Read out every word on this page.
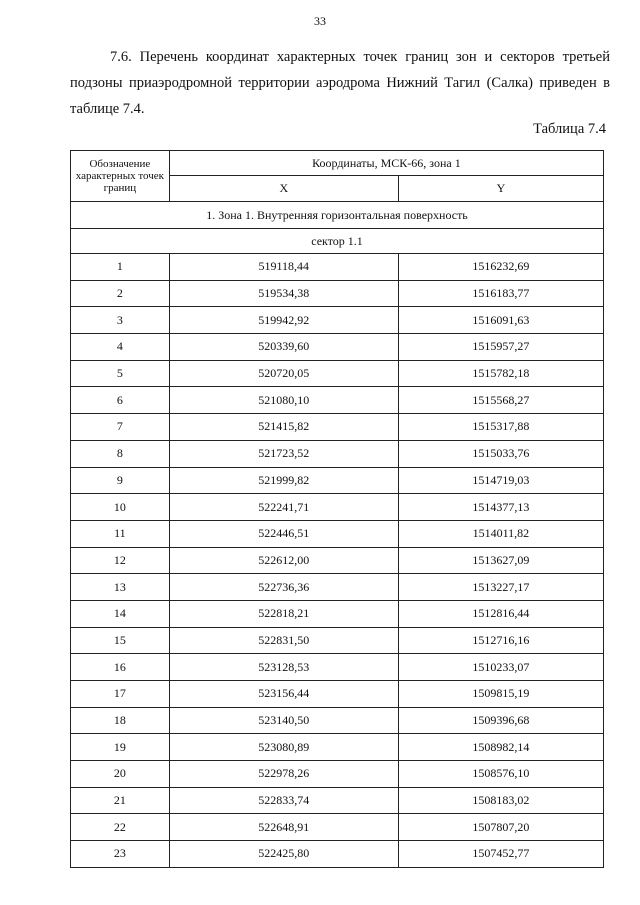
33

7.6. Перечень координат характерных точек границ зон и секторов третьей подзоны приаэродромной территории аэродрома Нижний Тагил (Салка) приведен в таблице 7.4.

Таблица 7.4
Обозначение характерных точек границ	Координаты, МСК-66, зона 1	
	X	Y
1. Зона 1. Внутренняя горизонтальная поверхность		
сектор 1.1		
1	519118,44	1516232,69
2	519534,38	1516183,77
3	519942,92	1516091,63
4	520339,60	1515957,27
5	520720,05	1515782,18
6	521080,10	1515568,27
7	521415,82	1515317,88
8	521723,52	1515033,76
9	521999,82	1514719,03
10	522241,71	1514377,13
11	522446,51	1514011,82
12	522612,00	1513627,09
13	522736,36	1513227,17
14	522818,21	1512816,44
15	522831,50	1512716,16
16	523128,53	1510233,07
17	523156,44	1509815,19
18	523140,50	1509396,68
19	523080,89	1508982,14
20	522978,26	1508576,10
21	522833,74	1508183,02
22	522648,91	1507807,20
23	522425,80	1507452,77
